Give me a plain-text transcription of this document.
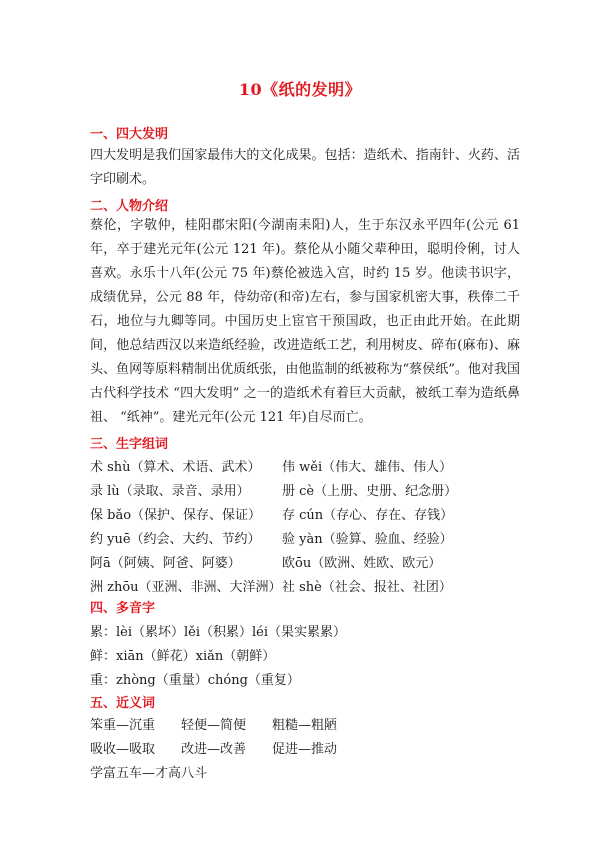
10《纸的发明》
一、四大发明

四大发明是我们国家最伟大的文化成果。包括：造纸术、指南针、火药、活字印刷术。

二、人物介绍

蔡伦，字敬仲，桂阳郡宋阳(今湖南耒阳)人，生于东汉永平四年(公元 61 年，卒于建光元年(公元 121 年)。蔡伦从小随父辈种田，聪明伶俐，讨人喜欢。永乐十八年(公元 75 年)蔡伦被选入宫，时约 15 岁。他读书识字，成绩优异，公元 88 年，侍幼帝(和帝)左右，参与国家机密大事，秩俸二千石，地位与九卿等同。中国历史上宦官干预国政，也正由此开始。在此期间，他总结西汉以来造纸经验，改进造纸工艺，利用树皮、碎布(麻布)、麻头、鱼网等原料精制出优质纸张，由他监制的纸被称为“蔡侯纸”。他对我国古代科学技术 “四大发明” 之一的造纸术有着巨大贡献，被纸工奉为造纸鼻祖、 “纸神”。建光元年(公元 121 年)自尽而亡。

三、生字组词
术 shù（算术、术语、武术） 伟 wěi（伟大、雄伟、伟人）
录 lù（录取、录音、录用） 册 cè（上册、史册、纪念册）
保 bǎo（保护、保存、保证） 存 cún（存心、存在、存钱）
约 yuē（约会、大约、节约） 验 yàn（验算、验血、经验）
阿ā（阿姨、阿爸、阿婆）	欧ōu（欧洲、姓欧、欧元）
洲 zhōu（亚洲、非洲、大洋洲） 社 shè（社会、报社、社团）
四、多音字
累：lèi（累坏）lěi（积累）léi（果实累累）
鲜：xiān（鲜花）xiǎn（朝鲜）
重：zhòng（重量）chóng（重复）
五、近义词
笨重—沉重　　轻便—简便　　粗糙—粗陋
吸收—吸取　　改进—改善　　促进—推动
学富五车—才高八斗
